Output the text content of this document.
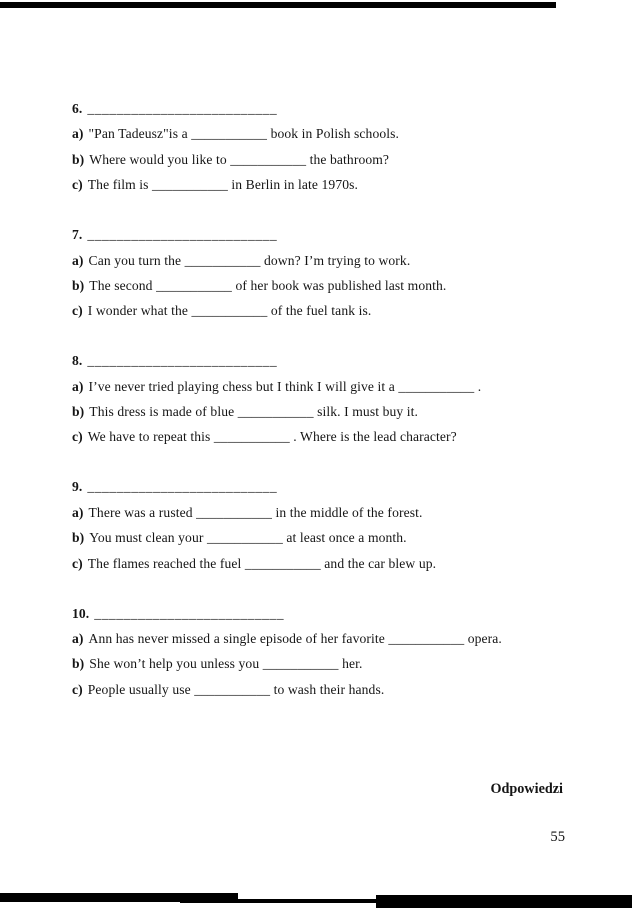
6. __________________________

a) "Pan Tadeusz"is a ___________ book in Polish schools.

b) Where would you like to ___________ the bathroom?

c) The film is ___________ in Berlin in late 1970s.

7. __________________________

a) Can you turn the ___________ down? I’m trying to work.

b) The second ___________ of her book was published last month.

c) I wonder what the ___________ of the fuel tank is.

8. __________________________

a) I’ve never tried playing chess but I think I will give it a ___________ .

b) This dress is made of blue ___________ silk. I must buy it.

c) We have to repeat this ___________ . Where is the lead character?

9. __________________________

a) There was a rusted ___________ in the middle of the forest.

b) You must clean your ___________ at least once a month.

c) The flames reached the fuel ___________ and the car blew up.

10. __________________________

a) Ann has never missed a single episode of her favorite ___________ opera.

b) She won’t help you unless you ___________ her.

c) People usually use ___________ to wash their hands.

Odpowiedzi
55
